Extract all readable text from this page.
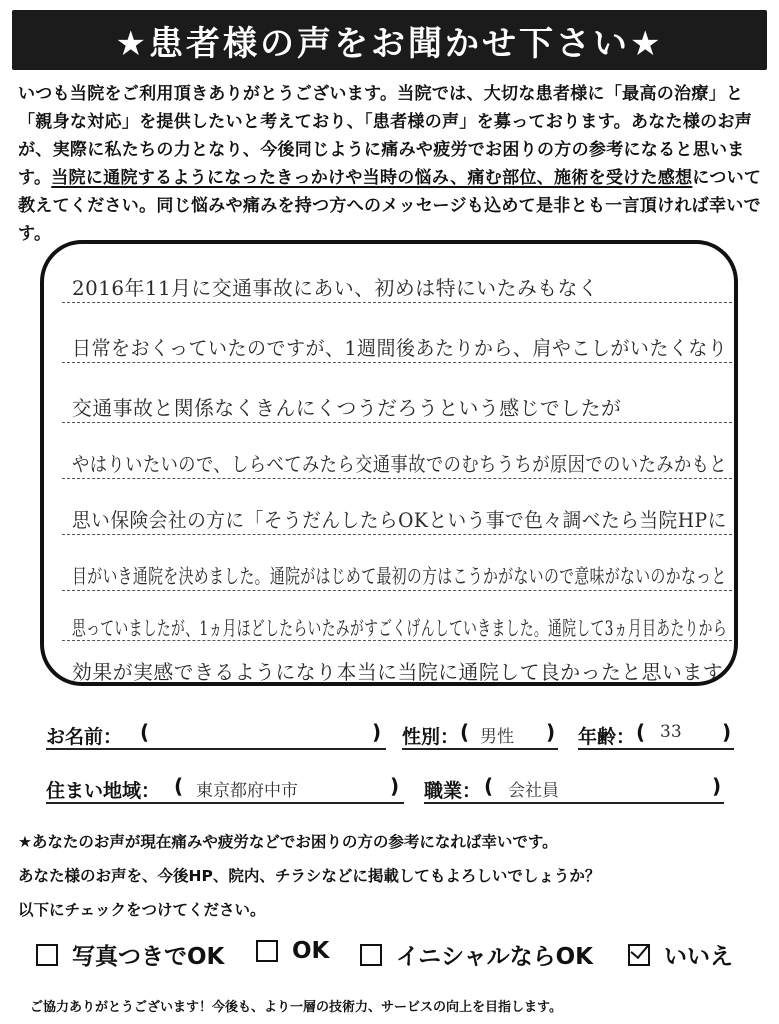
★患者様の声をお聞かせ下さい★
いつも当院をご利用頂きありがとうございます。当院では、大切な患者様に「最高の治療」と「親身な対応」を提供したいと考えており、「患者様の声」を募っております。あなた様のお声が、実際に私たちの力となり、今後同じように痛みや疲労でお困りの方の参考になると思います。当院に通院するようになったきっかけや当時の悩み、痛む部位、施術を受けた感想について教えてください。同じ悩みや痛みを持つ方へのメッセージも込めて是非とも一言頂ければ幸いです。
2016年11月に交通事故にあい、初めは特にいたみもなく
日常をおくっていたのですが、1週間後あたりから、肩やこしがいたくなり
交通事故と関係なくきんにくつうだろうという感じでしたが
やはりいたいので、しらべてみたら交通事故でのむちうちが原因でのいたみかもと
思い保険会社の方に「そうだんしたらOKという事で色々調べたら当院HPに
目がいき通院を決めました。通院がはじめて最初の方はこうかがないので意味がないのかなっと
思っていましたが、1ヵ月ほどしたらいたみがすごくげんしていきました。通院して3ヵ月目あたりから
効果が実感できるようになり本当に当院に通院して良かったと思います
お名前： (	) 性別： ( 男性 ) 年齢： ( 33 )
住まい地域： ( 東京都府中市	) 職業： ( 会社員	)
★あなたのお声が現在痛みや疲労などでお困りの方の参考になれば幸いです。
あなた様のお声を、今後HP、院内、チラシなどに掲載してもよろしいでしょうか？
以下にチェックをつけてください。
写真つきでOK	OK	イニシャルならOK	いいえ
ご協力ありがとうございます！今後も、より一層の技術力、サービスの向上を目指します。
